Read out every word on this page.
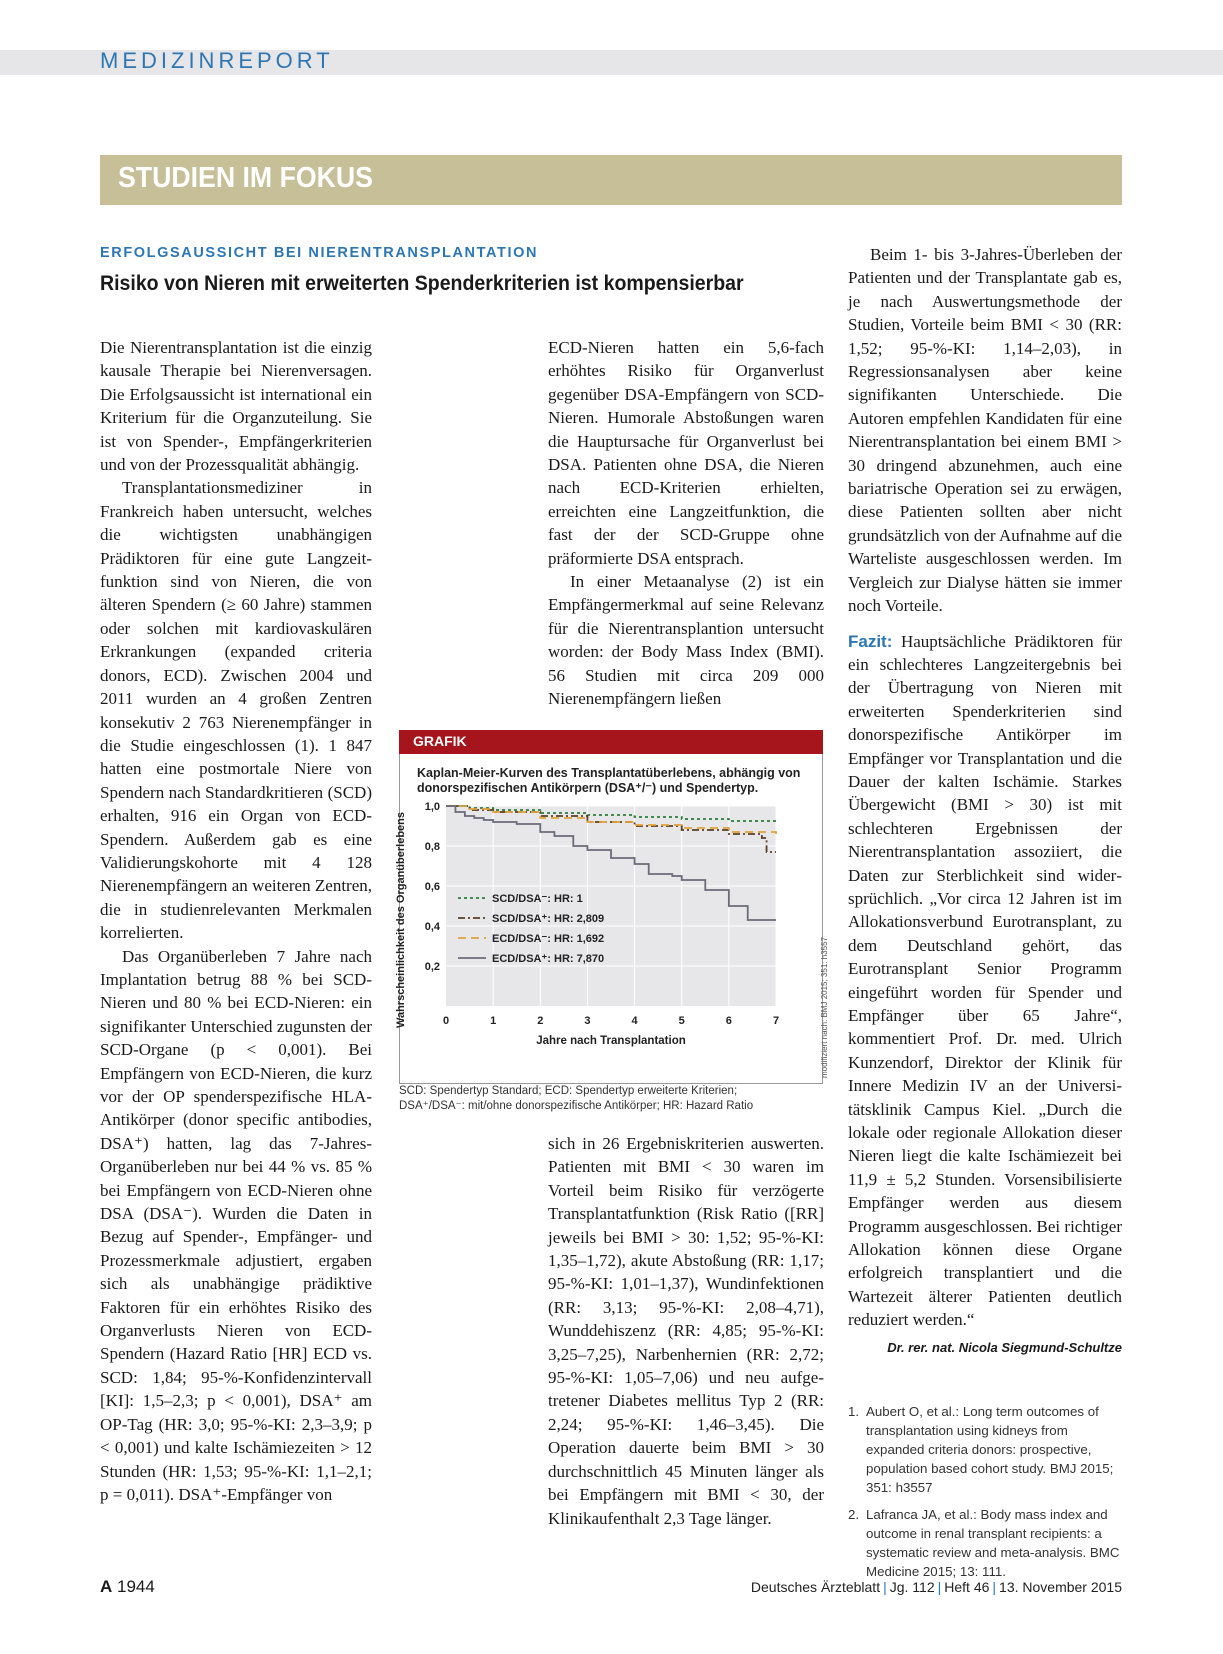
MEDIZINREPORT
STUDIEN IM FOKUS
ERFOLGSAUSSICHT BEI NIERENTRANSPLANTATION
Risiko von Nieren mit erweiterten Spenderkriterien ist kompensierbar

Die Nierentransplantation ist die einzig kausale Therapie bei Nierenversagen. Die Erfolgsaussicht ist international ein Kriterium für die Organzuteilung. Sie ist von Spender-, Empfängerkriterien und von der Prozessqualität abhängig.

Transplantationsmediziner in Frankreich haben untersucht, welches die wichtigsten unabhängigen Prädiktoren für eine gute Langzeitfunktion sind von Nieren, die von älteren Spendern (≥ 60 Jahre) stammen oder solchen mit kardiovaskulären Erkrankungen (expanded criteria donors, ECD). Zwischen 2004 und 2011 wurden an 4 großen Zentren konsekutiv 2 763 Nierenempfänger in die Studie eingeschlossen (1). 1 847 hatten eine postmortale Niere von Spendern nach Standardkritieren (SCD) erhalten, 916 ein Organ von ECD-Spendern. Außerdem gab es eine Validierungskohorte mit 4 128 Nierenempfängern an weiteren Zentren, die in studienrelevanten Merkmalen korrelierten.

Das Organüberleben 7 Jahre nach Implantation betrug 88 % bei SCD-Nieren und 80 % bei ECD-Nieren: ein signifikanter Unterschied zugunsten der SCD-Organe (p < 0,001). Bei Empfängern von ECD-Nieren, die kurz vor der OP spenderspezifische HLA-Antikörper (donor specific antibodies, DSA⁺) hatten, lag das 7-Jahres-Organüberleben nur bei 44 % vs. 85 % bei Empfängern von ECD-Nieren ohne DSA (DSA⁻). Wurden die Daten in Bezug auf Spender-, Empfänger- und Prozessmerkmale adjustiert, ergaben sich als unabhängige prädiktive Faktoren für ein erhöhtes Risiko des Organverlusts Nieren von ECD-Spendern (Hazard Ratio [HR] ECD vs. SCD: 1,84; 95-%-Konfidenzintervall [KI]: 1,5–2,3; p < 0,001), DSA⁺ am OP-Tag (HR: 3,0; 95-%-KI: 2,3–3,9; p < 0,001) und kalte Ischämiezeiten > 12 Stunden (HR: 1,53; 95-%-KI: 1,1–2,1; p = 0,011). DSA⁺-Empfänger von

ECD-Nieren hatten ein 5,6-fach erhöhtes Risiko für Organverlust gegenüber DSA-Empfängern von SCD-Nieren. Humorale Abstoßungen waren die Hauptursache für Organverlust bei DSA. Patienten ohne DSA, die Nieren nach ECD-Kriterien erhielten, erreichten eine Langzeitfunktion, die fast der der SCD-Gruppe ohne präformierte DSA entsprach.

In einer Metaanalyse (2) ist ein Empfängermerkmal auf seine Relevanz für die Nierentransplantion untersucht worden: der Body Mass Index (BMI). 56 Studien mit circa 209 000 Nierenempfängern ließen

sich in 26 Ergebniskriterien auswerten. Patienten mit BMI < 30 waren im Vorteil beim Risiko für verzögerte Transplantatfunktion (Risk Ratio ([RR] jeweils bei BMI > 30: 1,52; 95-%-KI: 1,35–1,72), akute Abstoßung (RR: 1,17; 95-%-KI: 1,01–1,37), Wundinfektionen (RR: 3,13; 95-%-KI: 2,08–4,71), Wunddehiszenz (RR: 4,85; 95-%-KI: 3,25–7,25), Narbenhernien (RR: 2,72; 95-%-KI: 1,05–7,06) und neu aufgetretener Diabetes mellitus Typ 2 (RR: 2,24; 95-%-KI: 1,46–3,45). Die Operation dauerte beim BMI > 30 durchschnittlich 45 Minuten länger als bei Empfängern mit BMI < 30, der Klinikaufenthalt 2,3 Tage länger.

Beim 1- bis 3-Jahres-Überleben der Patienten und der Transplantate gab es, je nach Auswertungsmethode der Studien, Vorteile beim BMI < 30 (RR: 1,52; 95-%-KI: 1,14–2,03), in Regressionsanalysen aber keine signifikanten Unterschiede. Die Autoren empfehlen Kandidaten für eine Nierentransplantation bei einem BMI > 30 dringend abzunehmen, auch eine bariatrische Operation sei zu erwägen, diese Patienten sollten aber nicht grundsätzlich von der Aufnahme auf die Warteliste ausgeschlossen werden. Im Vergleich zur Dialyse hätten sie immer noch Vorteile.

Fazit: Hauptsächliche Prädiktoren für ein schlechteres Langzeitergebnis bei der Übertragung von Nieren mit erweiterten Spenderkriterien sind donorspezifische Antikörper im Empfänger vor Transplantation und die Dauer der kalten Ischämie. Starkes Übergewicht (BMI > 30) ist mit schlechteren Ergebnissen der Nierentransplantation assoziiert, die Daten zur Sterblichkeit sind widersprüchlich. „Vor circa 12 Jahren ist im Allokationsverbund Eurotransplant, zu dem Deutschland gehört, das Eurotransplant Senior Programm eingeführt worden für Spender und Empfänger über 65 Jahre“, kommentiert Prof. Dr. med. Ulrich Kunzendorf, Direktor der Klinik für Innere Medizin IV an der Universitätsklinik Campus Kiel. „Durch die lokale oder regionale Allokation dieser Nieren liegt die kalte Ischämiezeit bei 11,9 ± 5,2 Stunden. Vorsensibilisierte Empfänger werden aus diesem Programm ausgeschlossen. Bei richtiger Allokation können diese Organe erfolgreich transplantiert und die Wartezeit älterer Patienten deutlich reduziert werden.“

Dr. rer. nat. Nicola Siegmund-Schultze
1. Aubert O, et al.: Long term outcomes of transplantation using kidneys from expanded criteria donors: prospective, population based cohort study. BMJ 2015; 351: h3557
2. Lafranca JA, et al.: Body mass index and outcome in renal transplant recipients: a systematic review and meta-analysis. BMC Medicine 2015; 13: 111.
GRAFIK
Kaplan-Meier-Kurven des Transplantatüberlebens, abhängig von donorspezifischen Antikörpern (DSA⁺/⁻) und Spendertyp.
0,2
0,4
0,6
0,8
1,0
0	1	2	3	4	5	6	7
Jahre nach Transplantation
Wahrscheinlichkeit des Organüberlebens	SCD/DSA⁻: HR: 1
SCD/DSA⁺: HR: 2,809
ECD/DSA⁻: HR: 1,692
ECD/DSA⁺: HR: 7,870
SCD: Spendertyp Standard; ECD: Spendertyp erweiterte Kriterien;
DSA⁺/DSA⁻: mit/ohne donorspezifische Antikörper; HR: Hazard Ratio
modifiziert nach: BMJ 2015; 351: h3557
A 1944	Deutsches Ärzteblatt | Jg. 112 | Heft 46 | 13. November 2015
